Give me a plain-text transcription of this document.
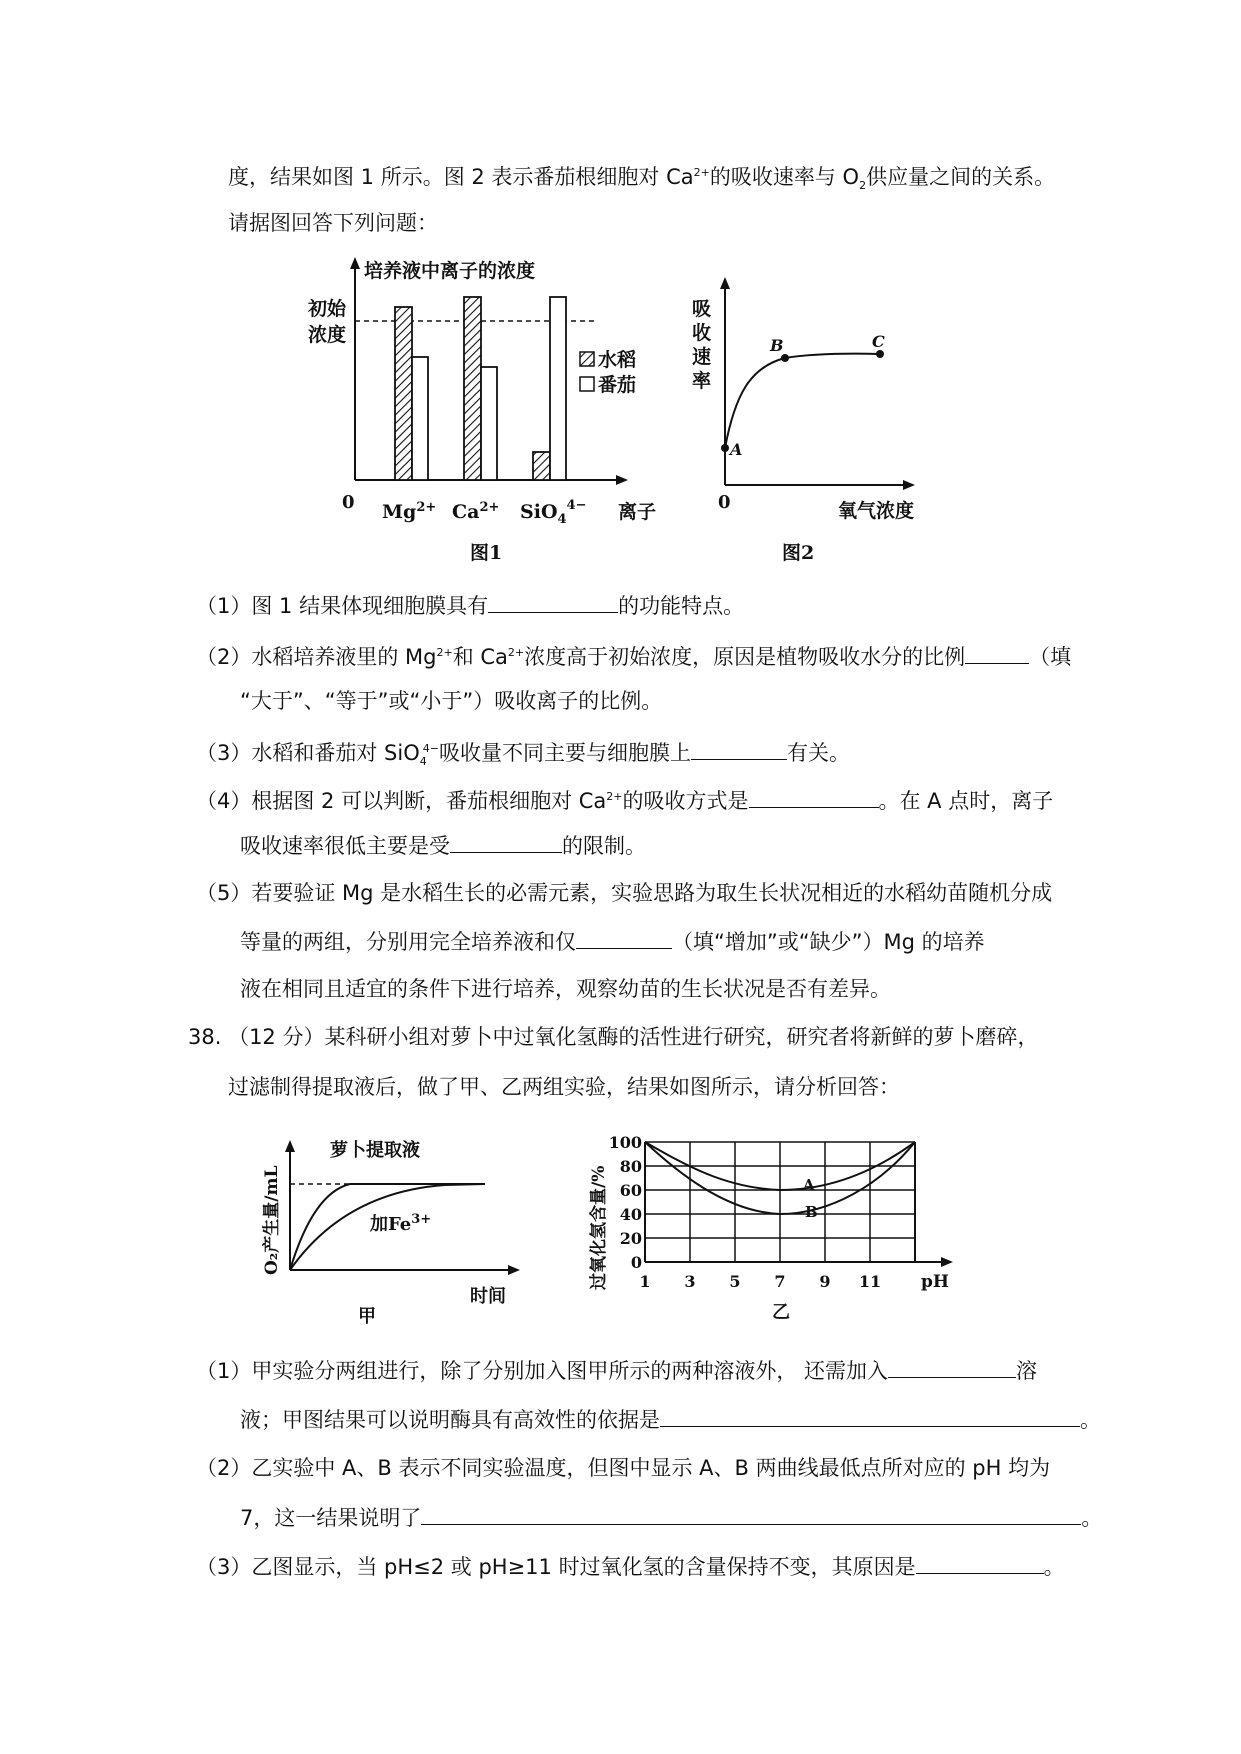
度，结果如图 1 所示。图 2 表示番茄根细胞对 $Ca^{2+}$的吸收速率与 $O_2$供应量之间的关系。
请据图回答下列问题：
培养液中离子的浓度
初始
浓度
水稻
番茄
0 $Mg^{2+}$ $Ca^{2+}$ SiO$_4^{4-}$ 离子
图1
吸
收
速
率
A
B	C
0	氧气浓度
图2
（1）图 1 结果体现细胞膜具有	的功能特点。
（2）水稻培养液里的 $Mg^{2+}$和 $Ca^{2+}$浓度高于初始浓度，原因是植物吸收水分的比例	（填
“大于”、“等于”或“小于”）吸收离子的比例。
（3）水稻和番茄对 SiO$_4^{4-}$吸收量不同主要与细胞膜上	有关。
（4）根据图 2 可以判断，番茄根细胞对 $Ca^{2+}$的吸收方式是	。在 A 点时，离子
吸收速率很低主要是受	的限制。
（5）若要验证 Mg 是水稻生长的必需元素，实验思路为取生长状况相近的水稻幼苗随机分成
等量的两组，分别用完全培养液和仅	（填“增加”或“缺少”）Mg 的培养
液在相同且适宜的条件下进行培养，观察幼苗的生长状况是否有差异。
38. （12 分）某科研小组对萝卜中过氧化氢酶的活性进行研究，研究者将新鲜的萝卜磨碎，
过滤制得提取液后，做了甲、乙两组实验，结果如图所示，请分析回答：
O₂产生量/mL
萝卜提取液
加$Fe^{3+}$
时间
甲
过氧化氢含量/%
100
80
60
40
20
0
1 3 5 7 9 11 pH
A
B
乙
（1）甲实验分两组进行，除了分别加入图甲所示的两种溶液外， 还需加入	溶
液；甲图结果可以说明酶具有高效性的依据是	。
（2）乙实验中 A、B 表示不同实验温度，但图中显示 A、B 两曲线最低点所对应的 pH 均为
7，这一结果说明了	。
（3）乙图显示，当 pH≤2 或 pH≥11 时过氧化氢的含量保持不变，其原因是	。
